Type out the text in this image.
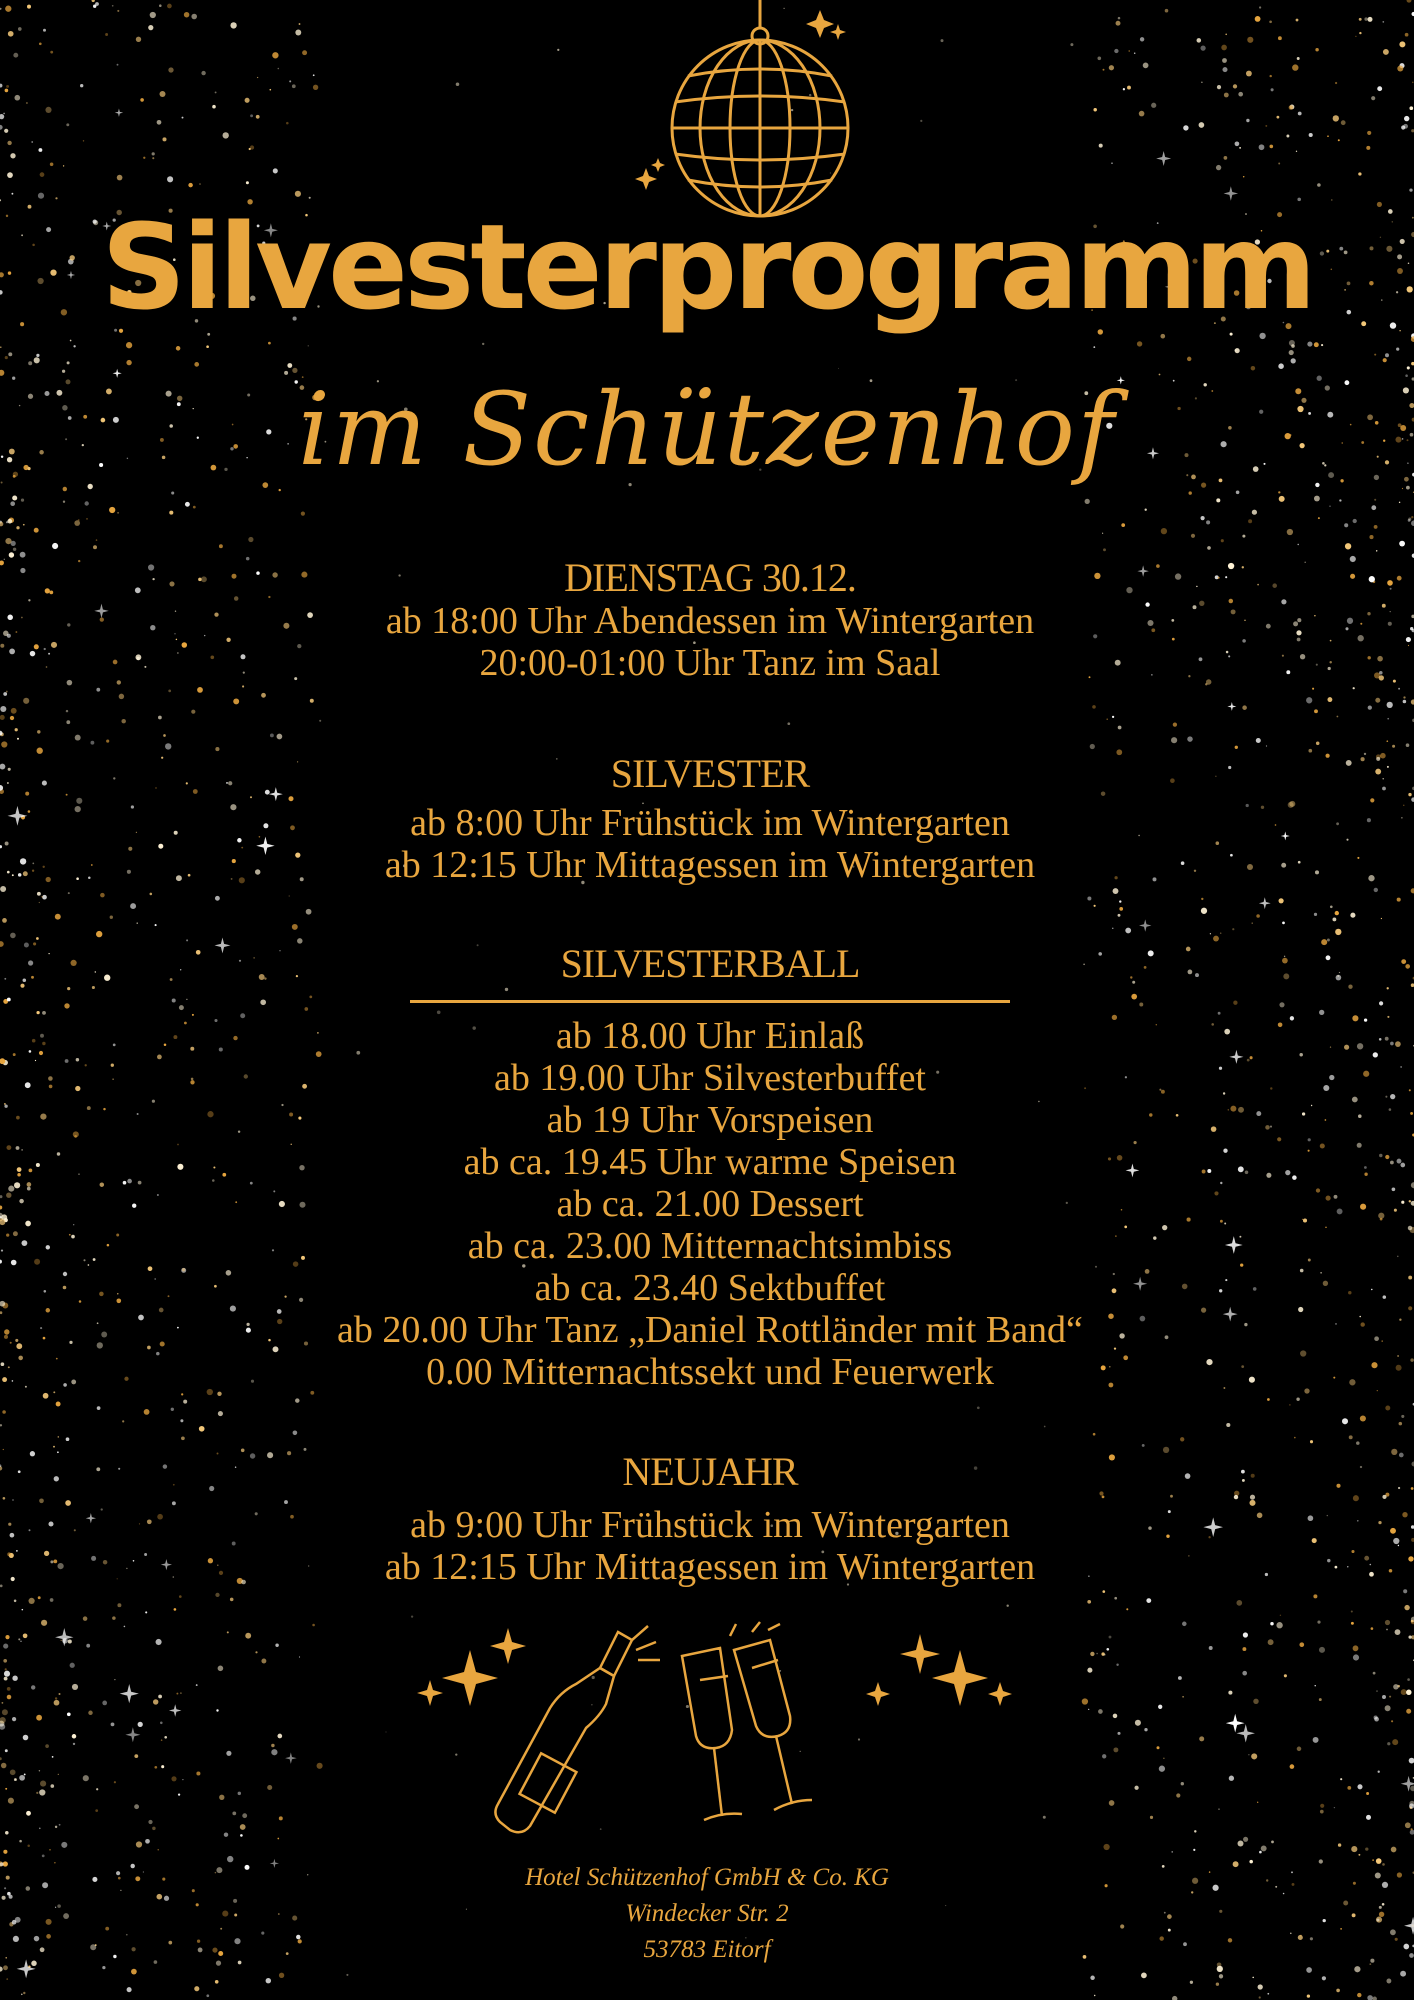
Silvesterprogramm
im Schützenhof
DIENSTAG 30.12.
ab 18:00 Uhr Abendessen im Wintergarten
20:00-01:00 Uhr Tanz im Saal
SILVESTER
ab 8:00 Uhr Frühstück im Wintergarten
ab 12:15 Uhr Mittagessen im Wintergarten
SILVESTERBALL
ab 18.00 Uhr Einlaß
ab 19.00 Uhr Silvesterbuffet
ab 19 Uhr Vorspeisen
ab ca. 19.45 Uhr warme Speisen
ab ca. 21.00 Dessert
ab ca. 23.00 Mitternachtsimbiss
ab ca. 23.40 Sektbuffet
ab 20.00 Uhr Tanz „Daniel Rottländer mit Band“
0.00 Mitternachtssekt und Feuerwerk
NEUJAHR
ab 9:00 Uhr Frühstück im Wintergarten
ab 12:15 Uhr Mittagessen im Wintergarten
Hotel Schützenhof GmbH & Co. KG
Windecker Str. 2
53783 Eitorf
